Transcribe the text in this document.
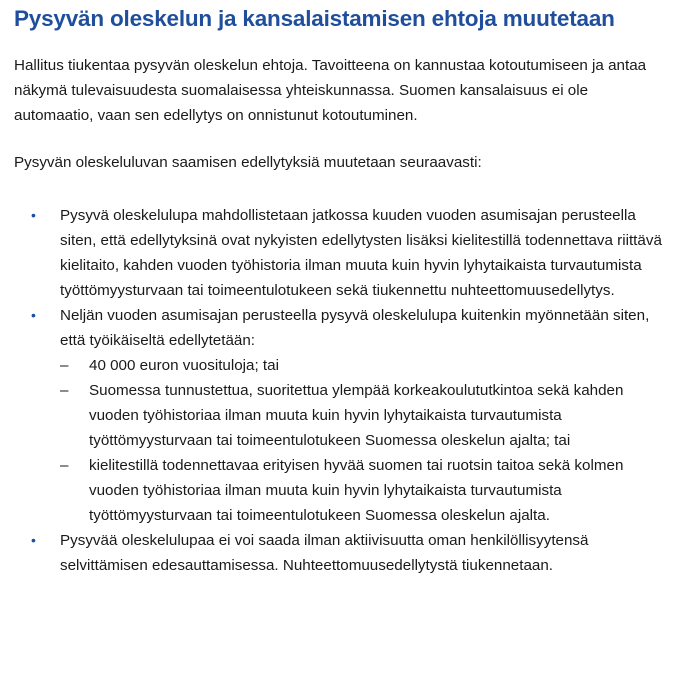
Pysyvän oleskelun ja kansalaistamisen ehtoja muutetaan

Hallitus tiukentaa pysyvän oleskelun ehtoja. Tavoitteena on kannustaa kotoutumiseen ja antaa näkymä tulevaisuudesta suomalaisessa yhteiskunnassa. Suomen kansalaisuus ei ole automaatio, vaan sen edellytys on onnistunut kotoutuminen.

Pysyvän oleskeluluvan saamisen edellytyksiä muutetaan seuraavasti:

• Pysyvä oleskelulupa mahdollistetaan jatkossa kuuden vuoden asumisajan perusteella siten, että edellytyksinä ovat nykyisten edellytysten lisäksi kielitestillä todennettava riittävä kielitaito, kahden vuoden työhistoria ilman muuta kuin hyvin lyhytaikaista turvautumista työttömyysturvaan tai toimeentulotukeen sekä tiukennettu nuhteettomuusedellytys.
• Neljän vuoden asumisajan perusteella pysyvä oleskelulupa kuitenkin myönnetään siten, että työikäiseltä edellytetään:
– 40 000 euron vuosituloja; tai
– Suomessa tunnustettua, suoritettua ylempää korkeakoulututkintoa sekä kahden vuoden työhistoriaa ilman muuta kuin hyvin lyhytaikaista turvautumista työttömyysturvaan tai toimeentulotukeen Suomessa oleskelun ajalta; tai
– kielitestillä todennettavaa erityisen hyvää suomen tai ruotsin taitoa sekä kolmen vuoden työhistoriaa ilman muuta kuin hyvin lyhytaikaista turvautumista työttömyysturvaan tai toimeentulotukeen Suomessa oleskelun ajalta.
• Pysyvää oleskelulupaa ei voi saada ilman aktiivisuutta oman henkilöllisyytensä selvittämisen edesauttamisessa. Nuhteettomuusedellytystä tiukennetaan.
